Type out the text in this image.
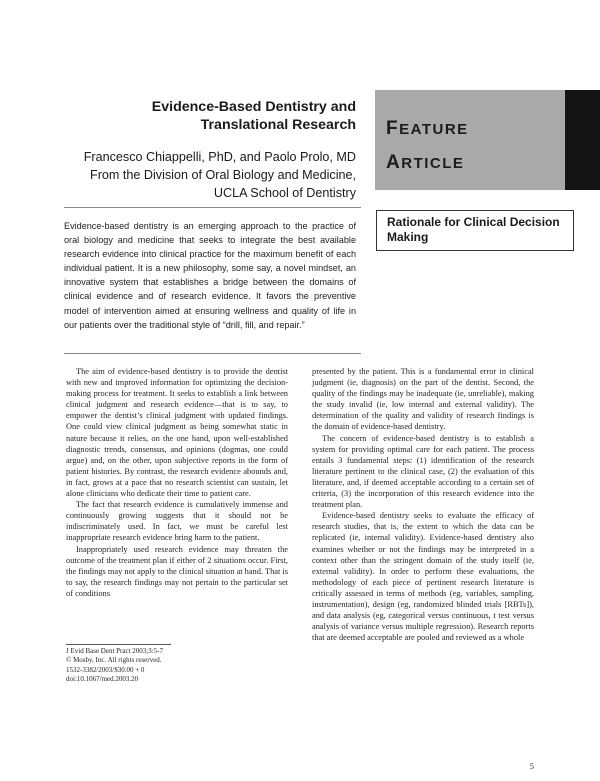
Evidence-Based Dentistry and
Translational Research
Francesco Chiappelli, PhD, and Paolo Prolo, MD
From the Division of Oral Biology and Medicine,
UCLA School of Dentistry
FEATURE
ARTICLE
Rationale for Clinical Decision Making

Evidence-based dentistry is an emerging approach to the practice of oral biology and medicine that seeks to integrate the best available research evidence into clinical practice for the maximum benefit of each individual patient. It is a new philosophy, some say, a novel mindset, an innovative system that establishes a bridge between the domains of clinical evidence and of research evidence. It favors the preventive model of intervention aimed at ensuring wellness and quality of life in our patients over the traditional style of “drill, fill, and repair.”

The aim of evidence-based dentistry is to provide the dentist with new and improved information for optimizing the decision-making process for treatment. It seeks to establish a link between clinical judgment and research evidence—that is to say, to empower the dentist’s clinical judgment with updated findings. One could view clinical judgment as being somewhat static in nature because it relies, on the one hand, upon well-established diagnostic trends, consensus, and opinions (dogmas, one could argue) and, on the other, upon subjective reports in the form of patient histories. By contrast, the research evidence abounds and, in fact, grows at a pace that no research scientist can sustain, let alone clinicians who dedicate their time to patient care.

The fact that research evidence is cumulatively immense and continuously growing suggests that it should not be indiscriminately used. In fact, we must be careful lest inappropriate research evidence bring harm to the patient.

Inappropriately used research evidence may threaten the outcome of the treatment plan if either of 2 situations occur. First, the findings may not apply to the clinical situation at hand. That is to say, the research findings may not pertain to the particular set of conditions

presented by the patient. This is a fundamental error in clinical judgment (ie, diagnosis) on the part of the dentist. Second, the quality of the findings may be inadequate (ie, unreliable), making the study invalid (ie, low internal and external validity). The determination of the quality and validity of research findings is the domain of evidence-based dentistry.

The concern of evidence-based dentistry is to establish a system for providing optimal care for each patient. The process entails 3 fundamental steps: (1) identification of the research literature pertinent to the clinical case, (2) the evaluation of this literature, and, if deemed acceptable according to a certain set of criteria, (3) the incorporation of this research evidence into the treatment plan.

Evidence-based dentistry seeks to evaluate the efficacy of research studies, that is, the extent to which the data can be replicated (ie, internal validity). Evidence-based dentistry also examines whether or not the findings may be interpreted in a context other than the stringent domain of the study itself (ie, external validity). In order to perform these evaluations, the methodology of each piece of pertinent research literature is critically assessed in terms of methods (eg, variables, sampling, instrumentation), design (eg, randomized blinded trials [RBTs]), and data analysis (eg, categorical versus continuous, t test versus analysis of variance versus multiple regression). Research reports that are deemed acceptable are pooled and reviewed as a whole

J Evid Base Dent Pract 2003;3:5-7
© Mosby, Inc. All rights reserved.
1532-3382/2003/$30.00 + 0
doi:10.1067/med.2003.20
5
